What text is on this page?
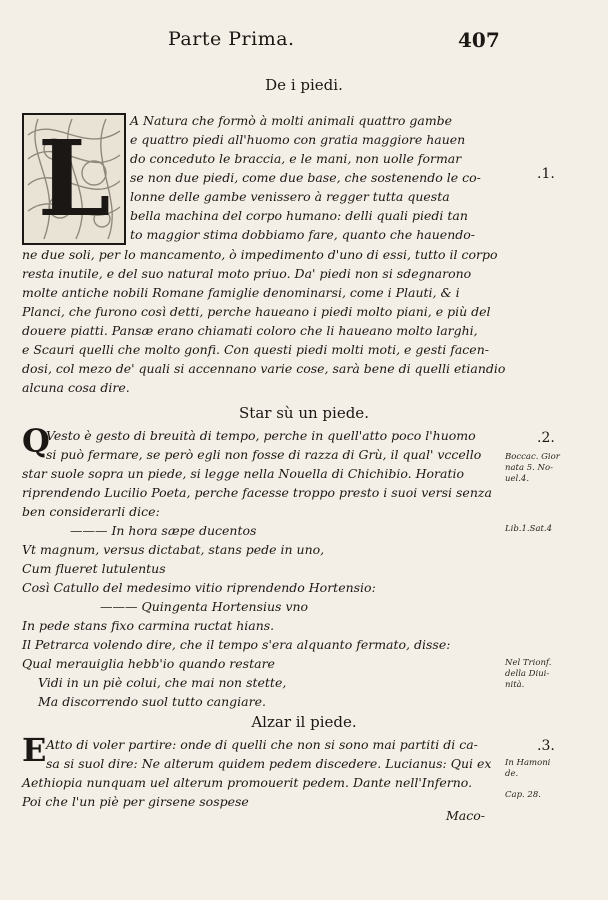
Parte Prima.	407
De i piedi.
L	A Natura che formò à molti animali quattro gambe
e quattro piedi all'huomo con gratia maggiore hauen
do conceduto le braccia, e le mani, non uolle formar
se non due piedi, come due base, che sostenendo le co-
lonne delle gambe venissero à regger tutta questa
bella machina del corpo humano: delli quali piedi tan
to maggior stima dobbiamo fare, quanto che hauendo-
ne due soli, per lo mancamento, ò impedimento d'uno di essi, tutto il corpo
resta inutile, e del suo natural moto priuo. Da' piedi non si sdegnarono
molte antiche nobili Romane famiglie denominarsi, come i Plauti, & i
Planci, che furono così detti, perche haueano i piedi molto piani, e più del
douere piatti. Pansæ erano chiamati coloro che li haueano molto larghi,
e Scauri quelli che molto gonfi. Con questi piedi molti moti, e gesti facen-
dosi, col mezo de' quali si accennano varie cose, sarà bene di quelli etiandio
alcuna cosa dire.
Star sù un piede.
Q
Vesto è gesto di breuità di tempo, perche in quell'atto poco l'huomo
si può fermare, se però egli non fosse di razza di Grù, il qual' vccello
star suole sopra un piede, si legge nella Nouella di Chichibio. Horatio
riprendendo Lucilio Poeta, perche facesse troppo presto i suoi versi senza
ben considerarli dice:
——— In hora sæpe ducentos
Vt magnum, versus dictabat, stans pede in uno,
Cum flueret lutulentus
Così Catullo del medesimo vitio riprendendo Hortensio:
——— Quingenta Hortensius vno
In pede stans fixo carmina ructat hians.
Il Petrarca volendo dire, che il tempo s'era alquanto fermato, disse:
Qual merauiglia hebb'io quando restare
Vidi in un piè colui, che mai non stette,
Ma discorrendo suol tutto cangiare.
Alzar il piede.
E Atto di voler partire: onde di quelli che non si sono mai partiti di ca-
sa si suol dire: Ne alterum quidem pedem discedere. Lucianus: Qui ex
Aethiopia nunquam uel alterum promouerit pedem. Dante nell'Inferno.
Poi che l'un piè per girsene sospese
Maco-
.1.
.2.
Boccac. Gior
nata 5. No-
uel.4.
Lib.1.Sat.4
Nel Trionf.
della Diui-
nità.
.3.
In Hamoni
de.
Cap. 28.
